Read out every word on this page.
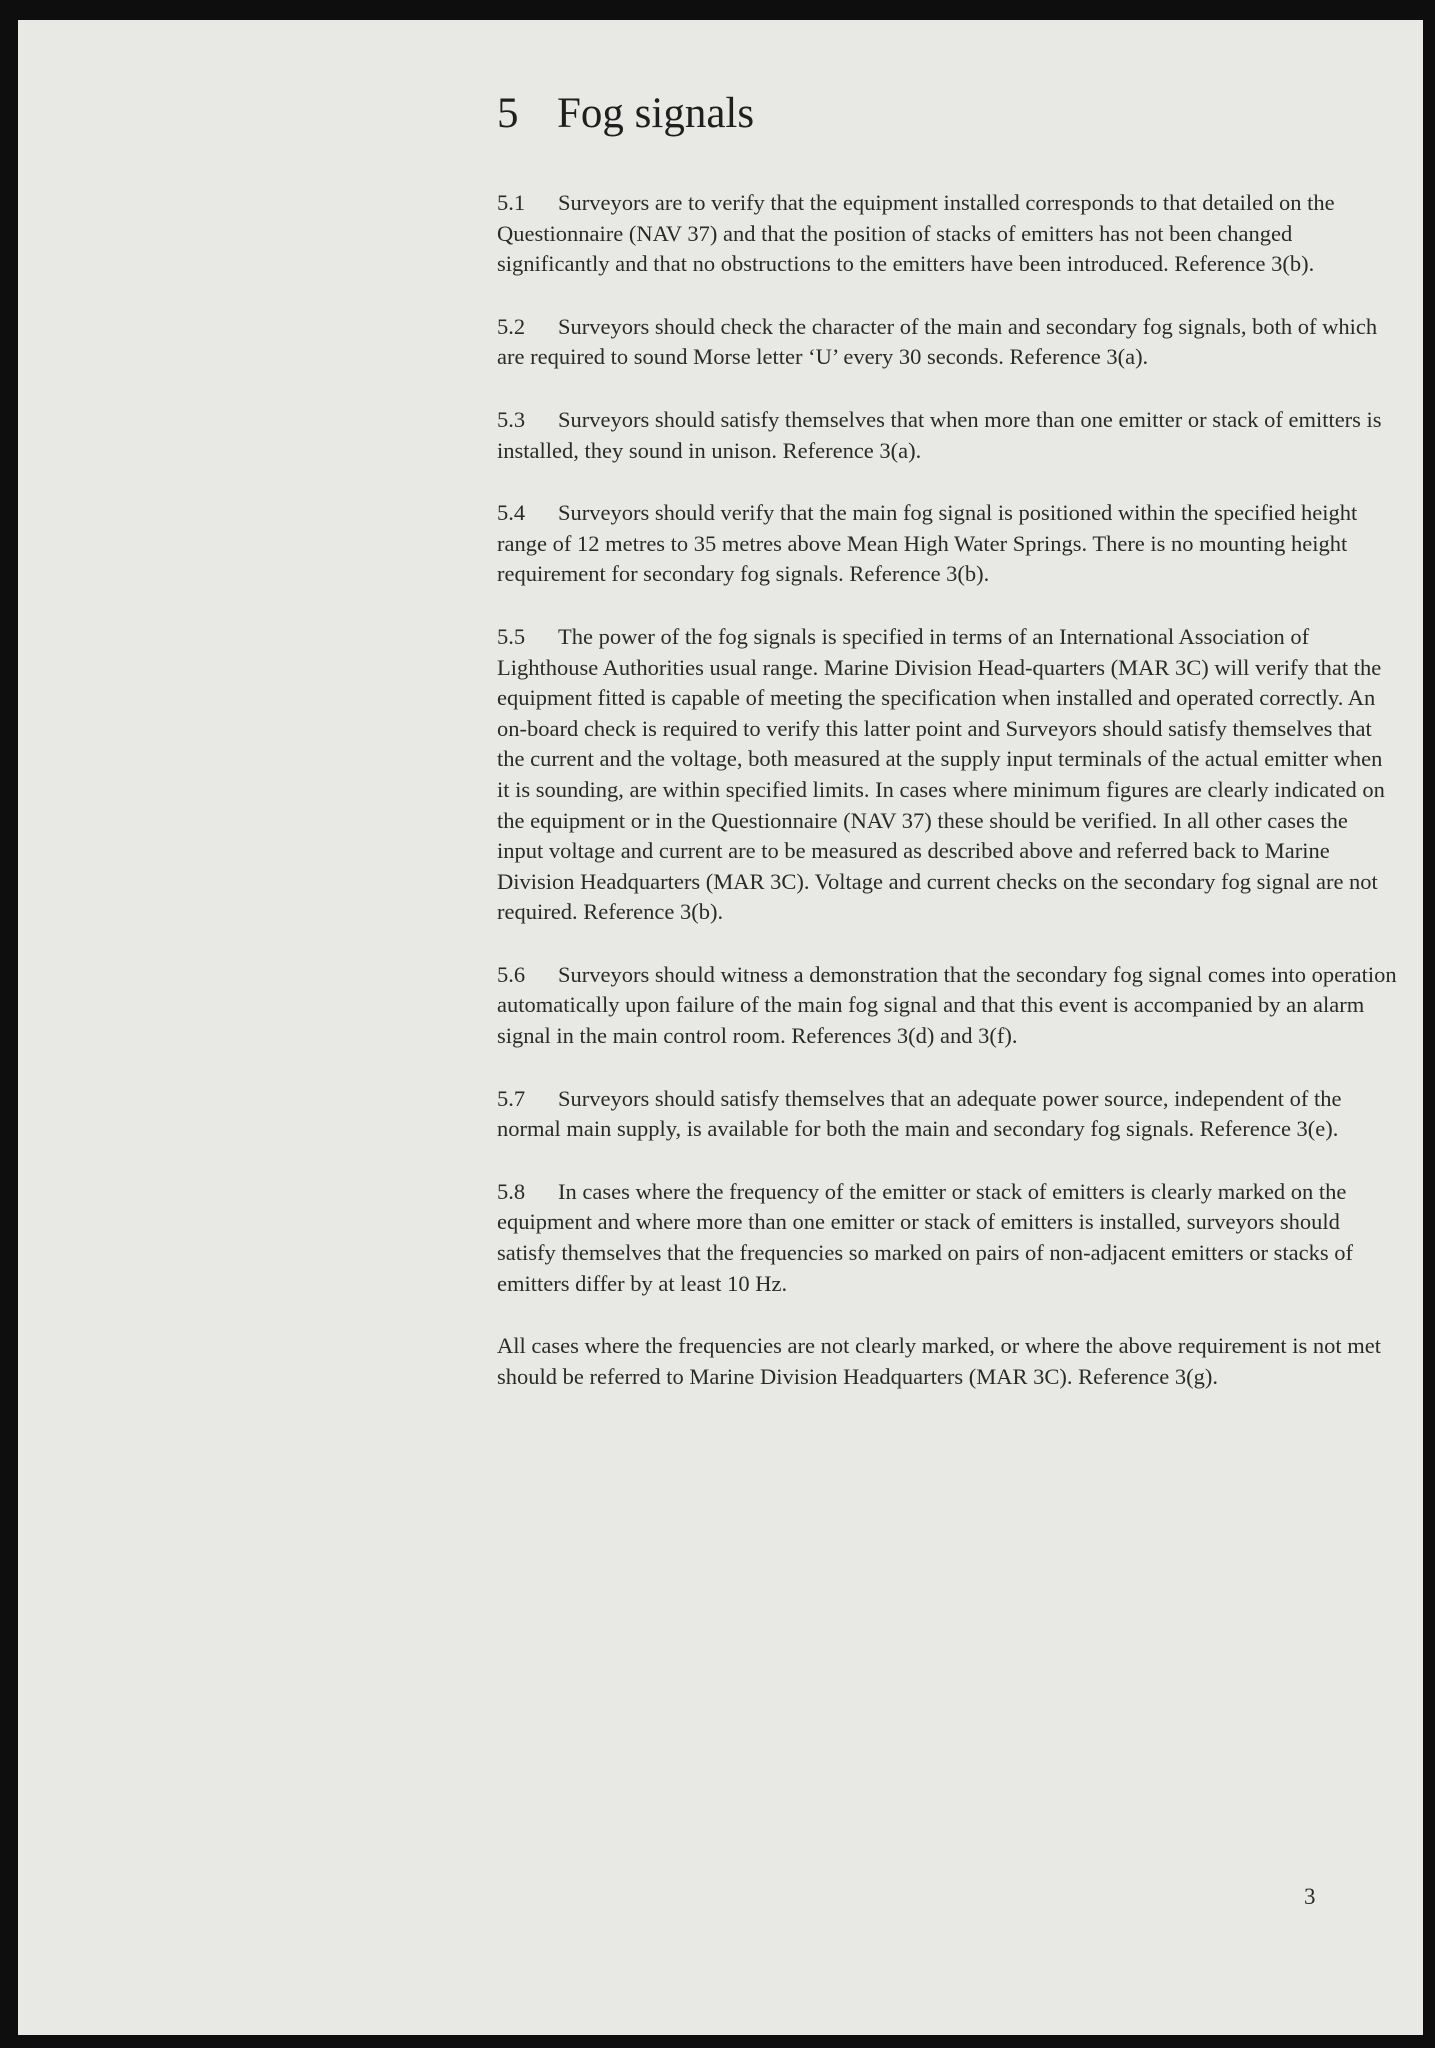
5 Fog signals

5.1 Surveyors are to verify that the equipment installed corresponds to that detailed on the Questionnaire (NAV 37) and that the position of stacks of emitters has not been changed significantly and that no obstructions to the emitters have been introduced. Reference 3(b).

5.2 Surveyors should check the character of the main and secondary fog signals, both of which are required to sound Morse letter ‘U’ every 30 seconds. Reference 3(a).

5.3 Surveyors should satisfy themselves that when more than one emitter or stack of emitters is installed, they sound in unison. Reference 3(a).

5.4 Surveyors should verify that the main fog signal is positioned within the specified height range of 12 metres to 35 metres above Mean High Water Springs. There is no mounting height requirement for secondary fog signals. Reference 3(b).

5.5 The power of the fog signals is specified in terms of an International Association of Lighthouse Authorities usual range. Marine Division Head-quarters (MAR 3C) will verify that the equipment fitted is capable of meeting the specification when installed and operated correctly. An on-board check is required to verify this latter point and Surveyors should satisfy themselves that the current and the voltage, both measured at the supply input terminals of the actual emitter when it is sounding, are within specified limits. In cases where minimum figures are clearly indicated on the equipment or in the Questionnaire (NAV 37) these should be verified. In all other cases the input voltage and current are to be measured as described above and referred back to Marine Division Headquarters (MAR 3C). Voltage and current checks on the secondary fog signal are not required. Reference 3(b).

5.6 Surveyors should witness a demonstration that the secondary fog signal comes into operation automatically upon failure of the main fog signal and that this event is accompanied by an alarm signal in the main control room. References 3(d) and 3(f).

5.7 Surveyors should satisfy themselves that an adequate power source, independent of the normal main supply, is available for both the main and secondary fog signals. Reference 3(e).

5.8 In cases where the frequency of the emitter or stack of emitters is clearly marked on the equipment and where more than one emitter or stack of emitters is installed, surveyors should satisfy themselves that the frequencies so marked on pairs of non-adjacent emitters or stacks of emitters differ by at least 10 Hz.

All cases where the frequencies are not clearly marked, or where the above requirement is not met should be referred to Marine Division Headquarters (MAR 3C). Reference 3(g).

3
